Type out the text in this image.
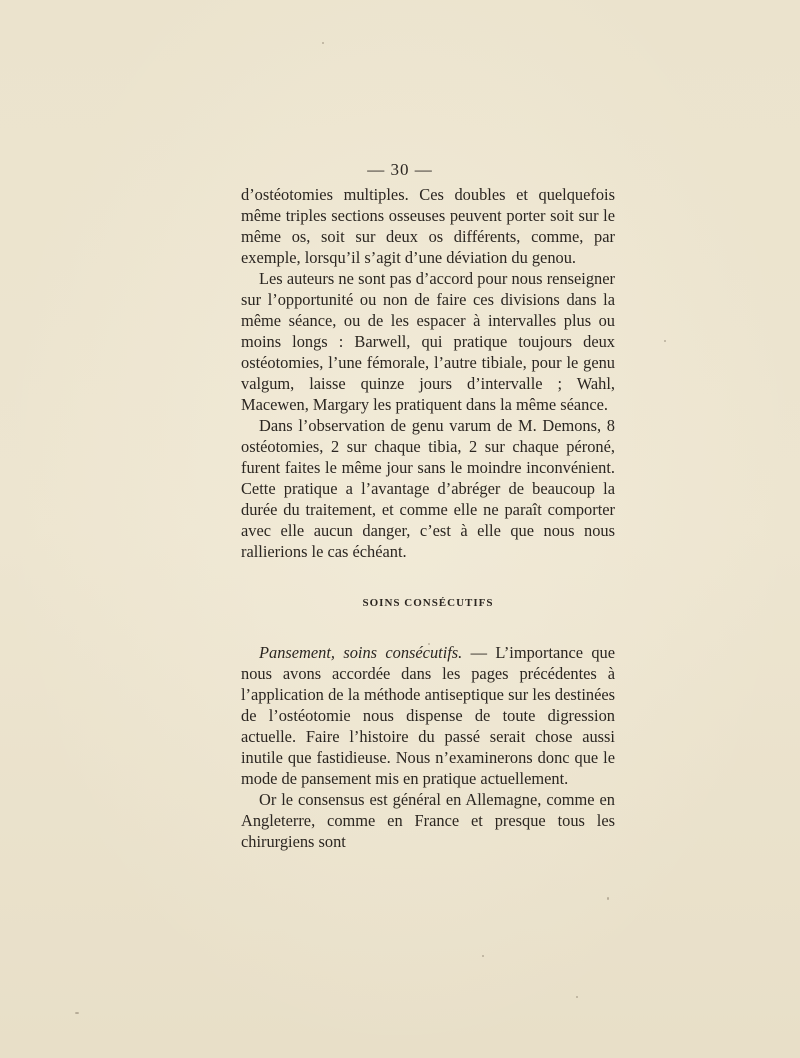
— 30 —

d’ostéotomies multiples. Ces doubles et quelquefois même triples sections osseuses peuvent porter soit sur le même os, soit sur deux os différents, comme, par exemple, lorsqu’il s’agit d’une déviation du genou.

Les auteurs ne sont pas d’accord pour nous renseigner sur l’opportunité ou non de faire ces divisions dans la même séance, ou de les espacer à intervalles plus ou moins longs : Barwell, qui pratique toujours deux ostéotomies, l’une fémorale, l’autre tibiale, pour le genu valgum, laisse quinze jours d’intervalle ; Wahl, Macewen, Margary les pratiquent dans la même séance.

Dans l’observation de genu varum de M. Demons, 8 ostéotomies, 2 sur chaque tibia, 2 sur chaque péroné, furent faites le même jour sans le moindre inconvénient. Cette pratique a l’avantage d’abréger de beaucoup la durée du traitement, et comme elle ne paraît comporter avec elle aucun danger, c’est à elle que nous nous rallierions le cas échéant.

SOINS CONSÉCUTIFS

Pansement, soins consécutifs. — L’importance que nous avons accordée dans les pages précédentes à l’application de la méthode antiseptique sur les destinées de l’ostéotomie nous dispense de toute digression actuelle. Faire l’histoire du passé serait chose aussi inutile que fastidieuse. Nous n’examinerons donc que le mode de pansement mis en pratique actuellement.

Or le consensus est général en Allemagne, comme en Angleterre, comme en France et presque tous les chirurgiens sont
